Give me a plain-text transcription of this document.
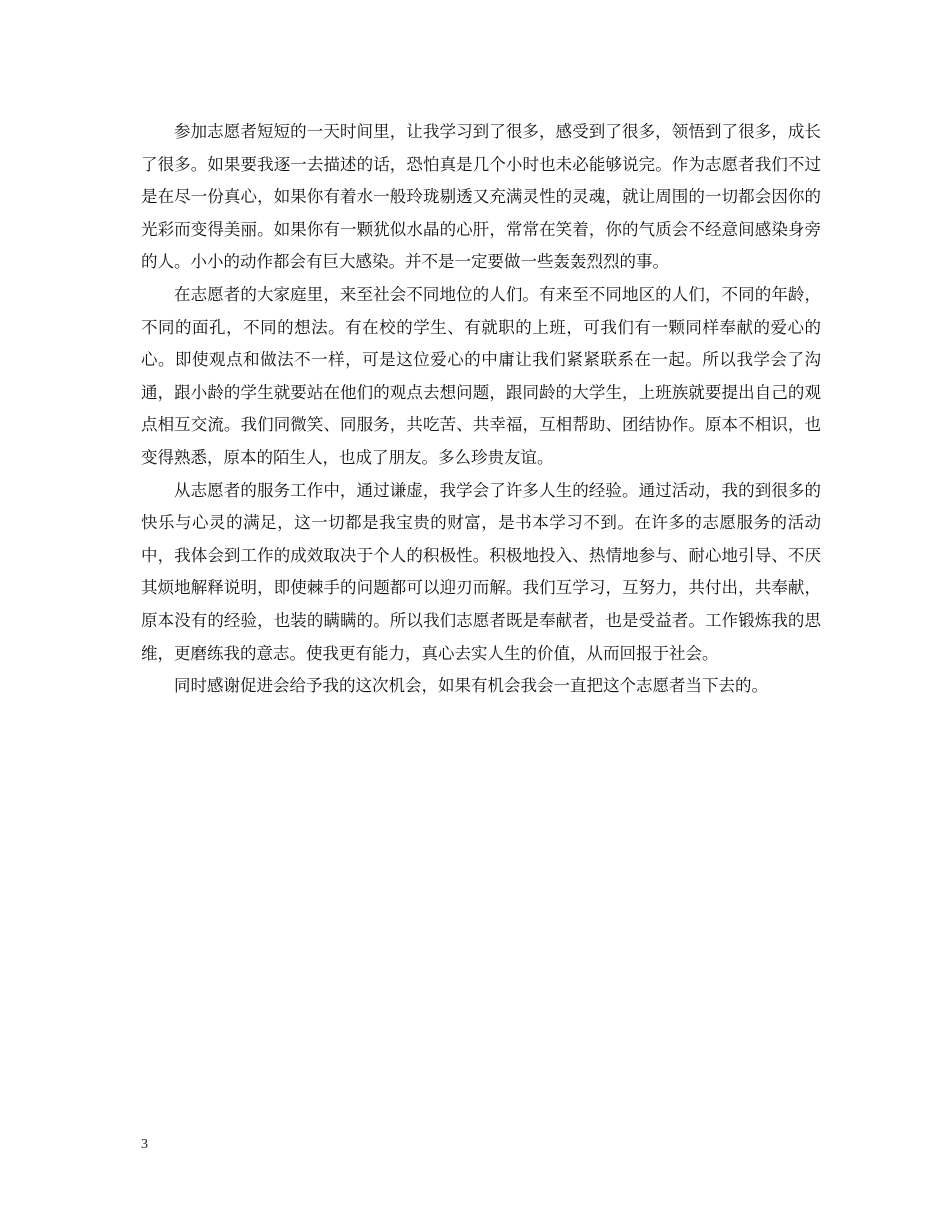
参加志愿者短短的一天时间里，让我学习到了很多，感受到了很多，领悟到了很多，成长了很多。如果要我逐一去描述的话，恐怕真是几个小时也未必能够说完。作为志愿者我们不过是在尽一份真心，如果你有着水一般玲珑剔透又充满灵性的灵魂，就让周围的一切都会因你的光彩而变得美丽。如果你有一颗犹似水晶的心肝，常常在笑着，你的气质会不经意间感染身旁的人。小小的动作都会有巨大感染。并不是一定要做一些轰轰烈烈的事。

在志愿者的大家庭里，来至社会不同地位的人们。有来至不同地区的人们，不同的年龄，不同的面孔，不同的想法。有在校的学生、有就职的上班，可我们有一颗同样奉献的爱心的心。即使观点和做法不一样，可是这位爱心的中庸让我们紧紧联系在一起。所以我学会了沟通，跟小龄的学生就要站在他们的观点去想问题，跟同龄的大学生，上班族就要提出自己的观点相互交流。我们同微笑、同服务，共吃苦、共幸福，互相帮助、团结协作。原本不相识，也变得熟悉，原本的陌生人，也成了朋友。多么珍贵友谊。

从志愿者的服务工作中，通过谦虚，我学会了许多人生的经验。通过活动，我的到很多的快乐与心灵的满足，这一切都是我宝贵的财富，是书本学习不到。在许多的志愿服务的活动中，我体会到工作的成效取决于个人的积极性。积极地投入、热情地参与、耐心地引导、不厌其烦地解释说明，即使棘手的问题都可以迎刃而解。我们互学习，互努力，共付出，共奉献，原本没有的经验，也装的瞒瞒的。所以我们志愿者既是奉献者，也是受益者。工作锻炼我的思维，更磨练我的意志。使我更有能力，真心去实人生的价值，从而回报于社会。

同时感谢促进会给予我的这次机会，如果有机会我会一直把这个志愿者当下去的。

3
